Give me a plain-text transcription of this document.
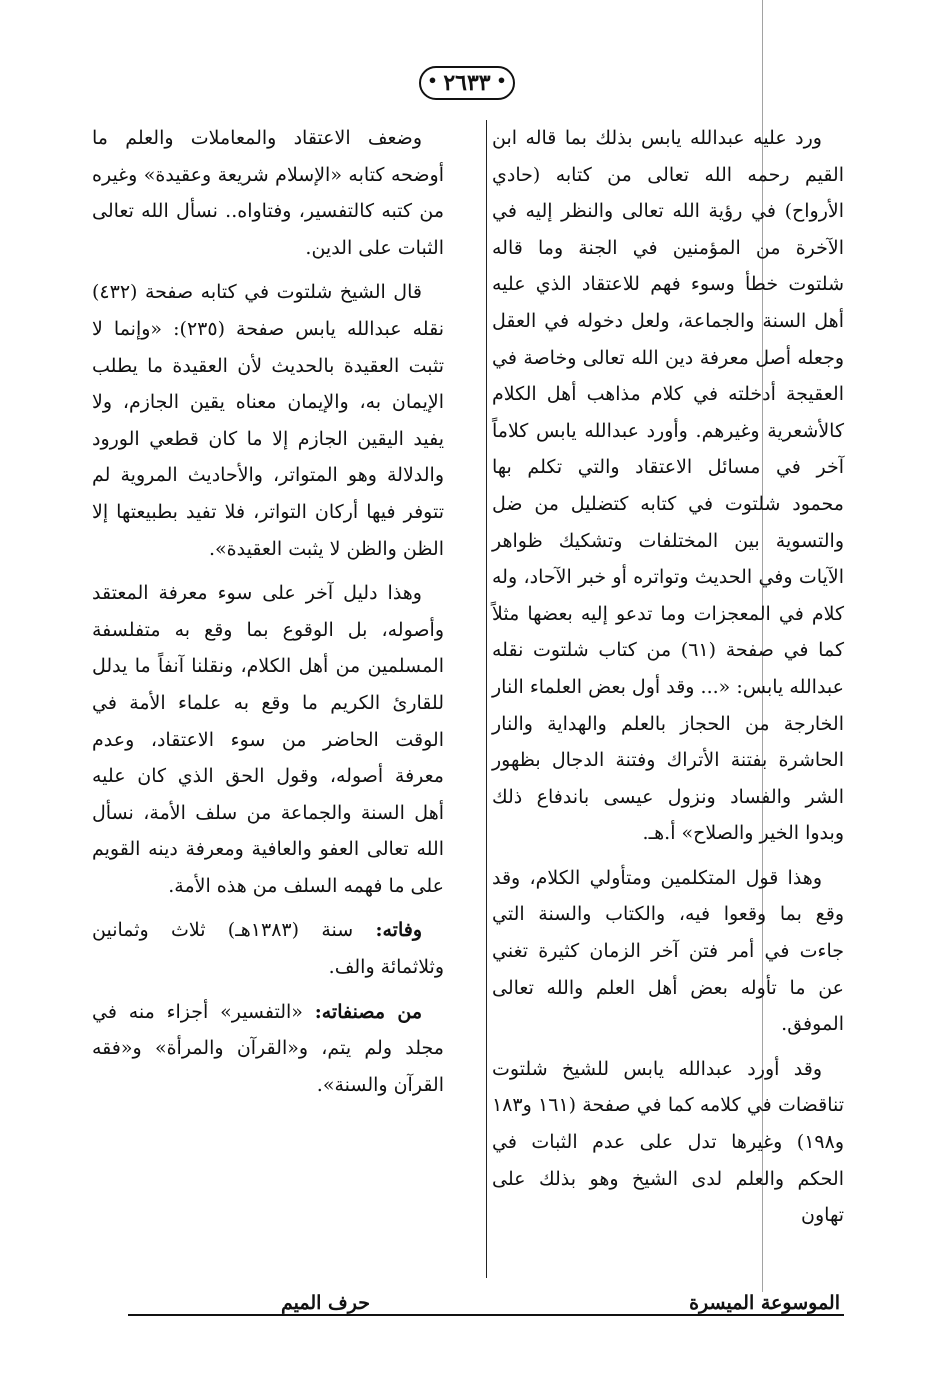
• ٢٦٣٣ •

ورد عليه عبدالله يابس بذلك بما قاله ابن القيم رحمه الله تعالى من كتابه (حادي الأرواح) في رؤية الله تعالى والنظر إليه في الآخرة من المؤمنين في الجنة وما قاله شلتوت خطأ وسوء فهم للاعتقاد الذي عليه أهل السنة والجماعة، ولعل دخوله في العقل وجعله أصل معرفة دين الله تعالى وخاصة في العقيجة أدخلته في كلام مذاهب أهل الكلام كالأشعرية وغيرهم. وأورد عبدالله يابس كلاماً آخر في مسائل الاعتقاد والتي تكلم بها محمود شلتوت في كتابه كتضليل من ضل والتسوية بين المختلفات وتشكيك ظواهر الآيات وفي الحديث وتواتره أو خبر الآحاد، وله كلام في المعجزات وما تدعو إليه بعضها مثلاً كما في صفحة (٦١) من كتاب شلتوت نقله عبدالله يابس: «... وقد أول بعض العلماء النار الخارجة من الحجاز بالعلم والهداية والنار الحاشرة بفتنة الأتراك وفتنة الدجال بظهور الشر والفساد ونزول عيسى باندفاع ذلك وبدوا الخير والصلاح» أ.هـ.

وهذا قول المتكلمين ومتأولي الكلام، وقد وقع بما وقعوا فيه، والكتاب والسنة التي جاءت في أمر فتن آخر الزمان كثيرة تغني عن ما تأوله بعض أهل العلم والله تعالى الموفق.

وقد أورد عبدالله يابس للشيخ شلتوت تناقضات في كلامه كما في صفحة (١٦١ و١٨٣ و١٩٨) وغيرها تدل على عدم الثبات في الحكم والعلم لدى الشيخ وهو بذلك على تهاون

وضعف الاعتقاد والمعاملات والعلم ما أوضحه كتابه «الإسلام شريعة وعقيدة» وغيره من كتبه كالتفسير، وفتاواه.. نسأل الله تعالى الثبات على الدين.

قال الشيخ شلتوت في كتابه صفحة (٤٣٢) نقله عبدالله يابس صفحة (٢٣٥): «وإنما لا تثبت العقيدة بالحديث لأن العقيدة ما يطلب الإيمان به، والإيمان معناه يقين الجازم، ولا يفيد اليقين الجازم إلا ما كان قطعي الورود والدلالة وهو المتواتر، والأحاديث المروية لم تتوفر فيها أركان التواتر، فلا تفيد بطبيعتها إلا الظن والظن لا يثبت العقيدة».

وهذا دليل آخر على سوء معرفة المعتقد وأصوله، بل الوقوع بما وقع به متفلسفة المسلمين من أهل الكلام، ونقلنا آنفاً ما يدلل للقارئ الكريم ما وقع به علماء الأمة في الوقت الحاضر من سوء الاعتقاد، وعدم معرفة أصوله، وقول الحق الذي كان عليه أهل السنة والجماعة من سلف الأمة، نسأل الله تعالى العفو والعافية ومعرفة دينه القويم على ما فهمه السلف من هذه الأمة.

وفاته: سنة (١٣٨٣هـ) ثلاث وثمانين وثلاثمائة والف.

من مصنفاته: «التفسير» أجزاء منه في مجلد ولم يتم، و«القرآن والمرأة» و«فقه القرآن والسنة».

الموسوعة الميسرة
حرف الميم
